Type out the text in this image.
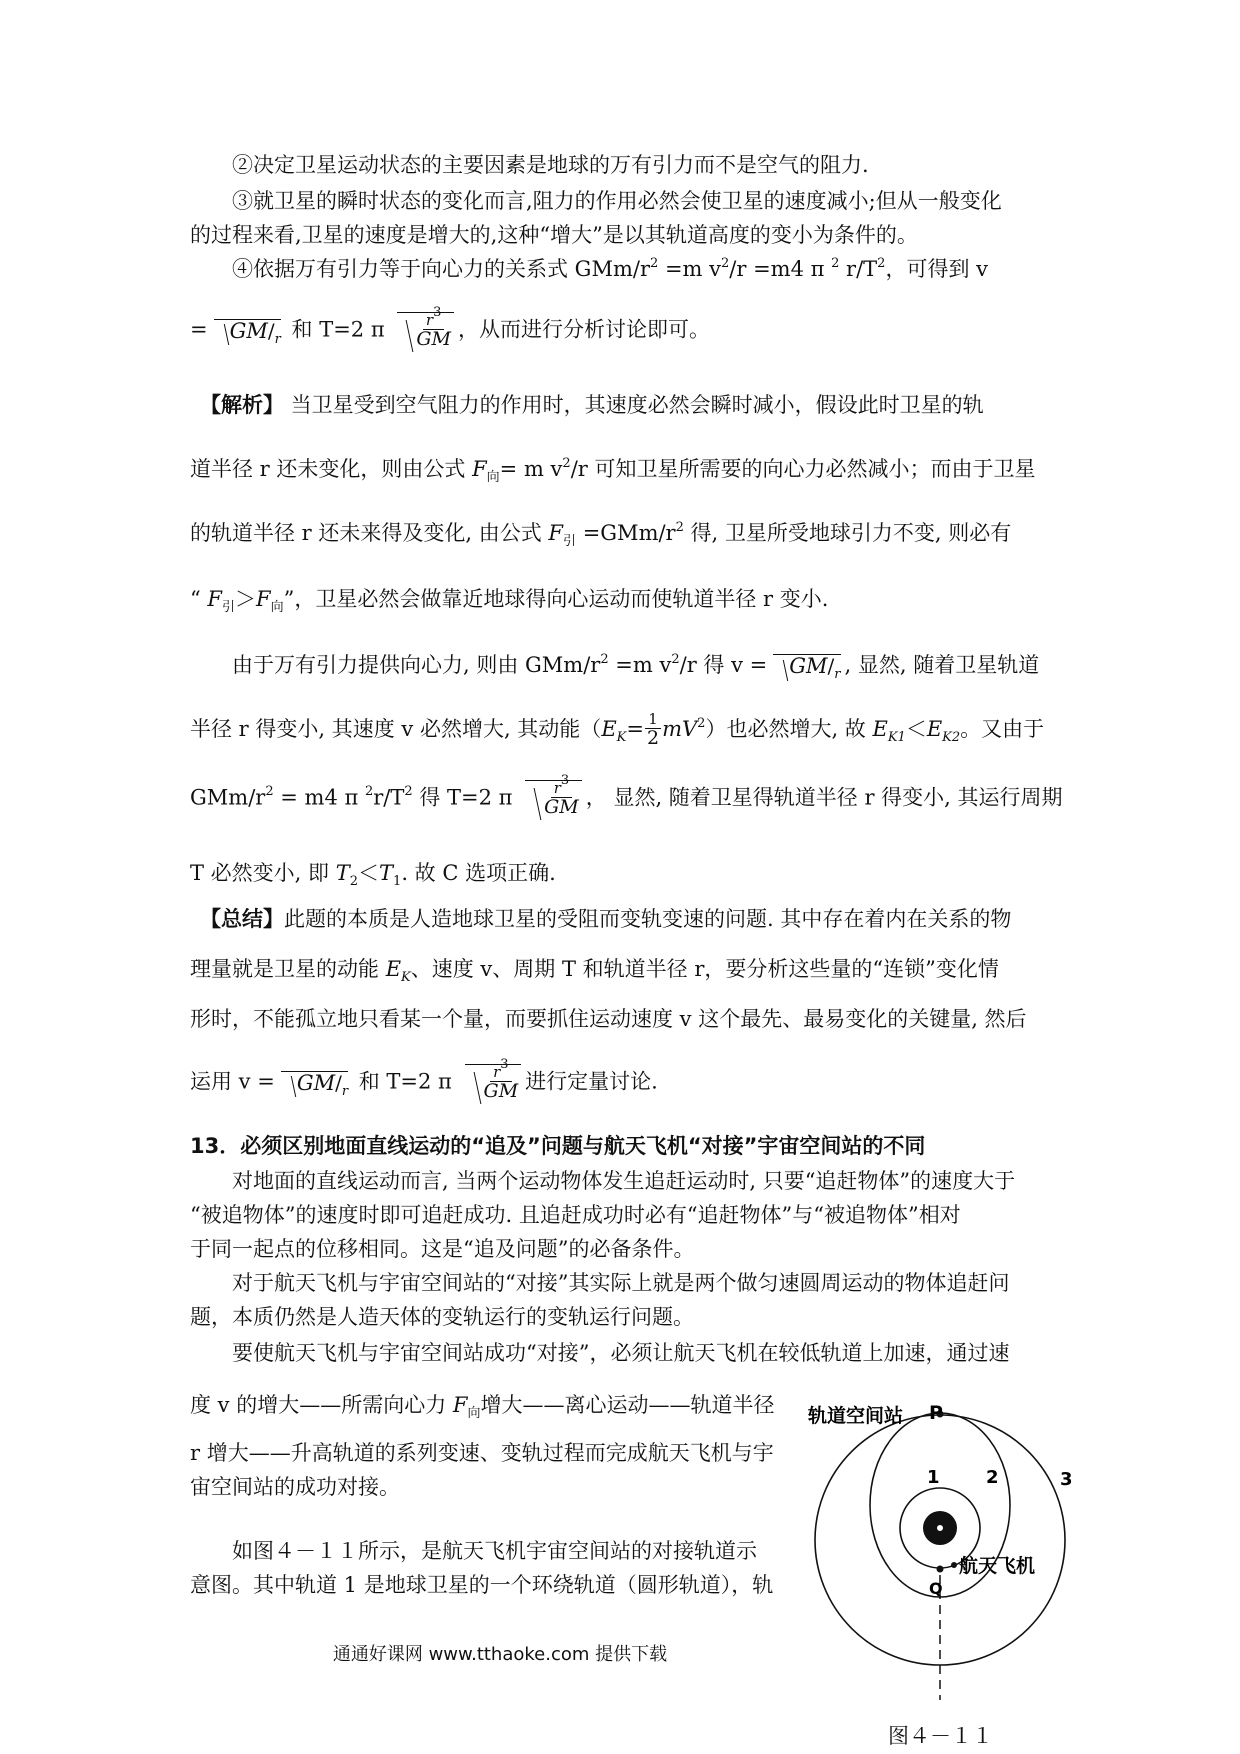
②决定卫星运动状态的主要因素是地球的万有引力而不是空气的阻力.
③就卫星的瞬时状态的变化而言,阻力的作用必然会使卫星的速度减小;但从一般变化
的过程来看,卫星的速度是增大的,这种“增大”是以其轨道高度的变小为条件的。
④依据万有引力等于向心力的关系式 GMm/$r^2 =m$ $v^2/r =m4$ π $^2$ $r/T^2$，可得到 v
= $GM/_r$ 和 T=2 π $\frac{r3}{GM}$ ，从而进行分析讨论即可。
【解析】 当卫星受到空气阻力的作用时，其速度必然会瞬时减小，假设此时卫星的轨
道半径 r 还未变化，则由公式 $F_向= m$ $v^2/r$ 可知卫星所需要的向心力必然减小；而由于卫星
的轨道半径 r 还未来得及变化, 由公式 $F_引 =GMm/r^2$ 得, 卫星所受地球引力不变, 则必有
“ $F_引>F_向$”，卫星必然会做靠近地球得向心运动而使轨道半径 r 变小.
由于万有引力提供向心力, 则由 GMm/$r^2 =m$ $v^2/r$ 得 $v = GM/_r$ , 显然, 随着卫星轨道
半径 r 得变小, 其速度 v 必然增大, 其动能$(E_K= \frac{1}{2} mV^2)$也必然增大, 故 $E_{K1}<E_{K2}$。又由于
GMm/$r^2 = m4$ π $^2r/T^2$ 得 T=2 π $\frac{r3}{GM}$ ， 显然, 随着卫星得轨道半径 r 得变小, 其运行周期
T 必然变小, 即 $T_2<T_1$. 故 C 选项正确.
【总结】此题的本质是人造地球卫星的受阻而变轨变速的问题. 其中存在着内在关系的物
理量就是卫星的动能 $E_K$、速度 v、周期 T 和轨道半径 r，要分析这些量的“连锁”变化情
形时，不能孤立地只看某一个量，而要抓住运动速度 v 这个最先、最易变化的关键量, 然后
运用 $v = GM/_r$ 和 T=2 π $\frac{r3}{GM}$ 进行定量讨论.
13．必须区别地面直线运动的“追及”问题与航天飞机“对接”宇宙空间站的不同
对地面的直线运动而言, 当两个运动物体发生追赶运动时, 只要“追赶物体”的速度大于
“被追物体”的速度时即可追赶成功. 且追赶成功时必有“追赶物体”与“被追物体”相对
于同一起点的位移相同。这是“追及问题”的必备条件。
对于航天飞机与宇宙空间站的“对接”其实际上就是两个做匀速圆周运动的物体追赶问
题，本质仍然是人造天体的变轨运行的变轨运行问题。
要使航天飞机与宇宙空间站成功“对接”，必须让航天飞机在较低轨道上加速，通过速
度 v 的增大——所需向心力 $F_向$增大——离心运动——轨道半径
r 增大——升高轨道的系列变速、变轨过程而完成航天飞机与宇
宙空间站的成功对接。
如图４－１１所示，是航天飞机宇宙空间站的对接轨道示
意图。其中轨道 1 是地球卫星的一个环绕轨道（圆形轨道），轨
轨道空间站 P
Q
航天飞机
1	2	3
通通好课网 www.tthaoke.com 提供下载
图４－１１
